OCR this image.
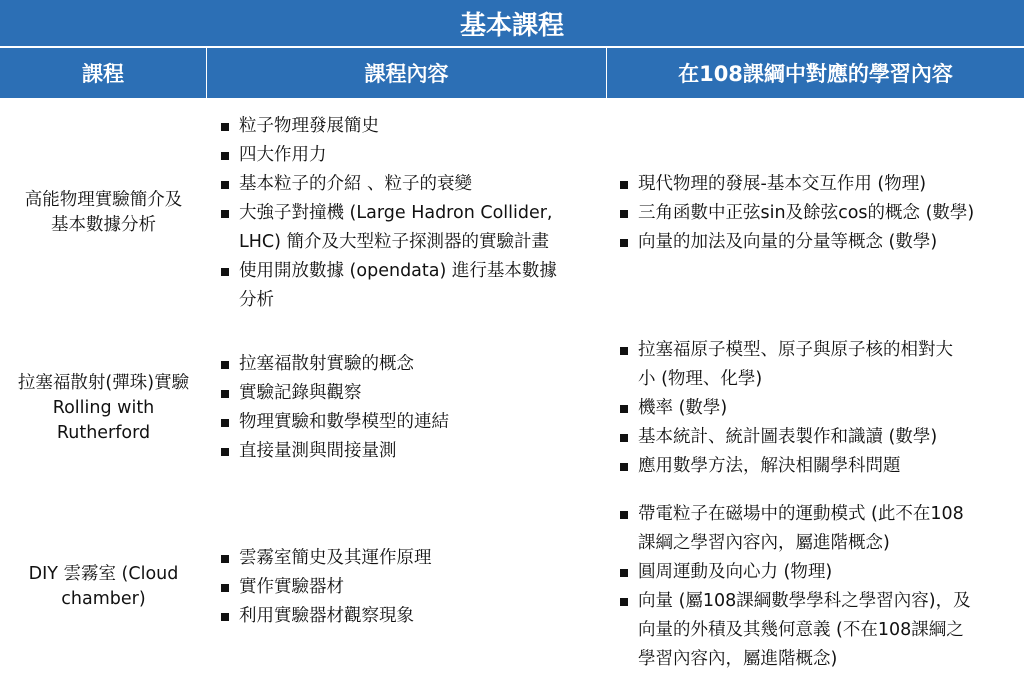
基本課程
課程	課程內容	在108課綱中對應的學習內容
高能物理實驗簡介及
基本數據分析
粒子物理發展簡史
四大作用力
基本粒子的介紹 、粒子的衰變
大強子對撞機 (Large Hadron Collider,
LHC) 簡介及大型粒子探測器的實驗計畫
使用開放數據 (opendata) 進行基本數據
分析
現代物理的發展-基本交互作用 (物理)
三角函數中正弦sin及餘弦cos的概念 (數學)
向量的加法及向量的分量等概念 (數學)
拉塞福散射(彈珠)實驗
Rolling with
Rutherford
拉塞福散射實驗的概念
實驗記錄與觀察
物理實驗和數學模型的連結
直接量測與間接量測
拉塞福原子模型、原子與原子核的相對大
小 (物理、化學)
機率 (數學)
基本統計、統計圖表製作和識讀 (數學)
應用數學方法，解決相關學科問題
DIY 雲霧室 (Cloud
chamber)
雲霧室簡史及其運作原理
實作實驗器材
利用實驗器材觀察現象
帶電粒子在磁場中的運動模式 (此不在108
課綱之學習內容內，屬進階概念)
圓周運動及向心力 (物理)
向量 (屬108課綱數學學科之學習內容)，及
向量的外積及其幾何意義 (不在108課綱之
學習內容內，屬進階概念)
